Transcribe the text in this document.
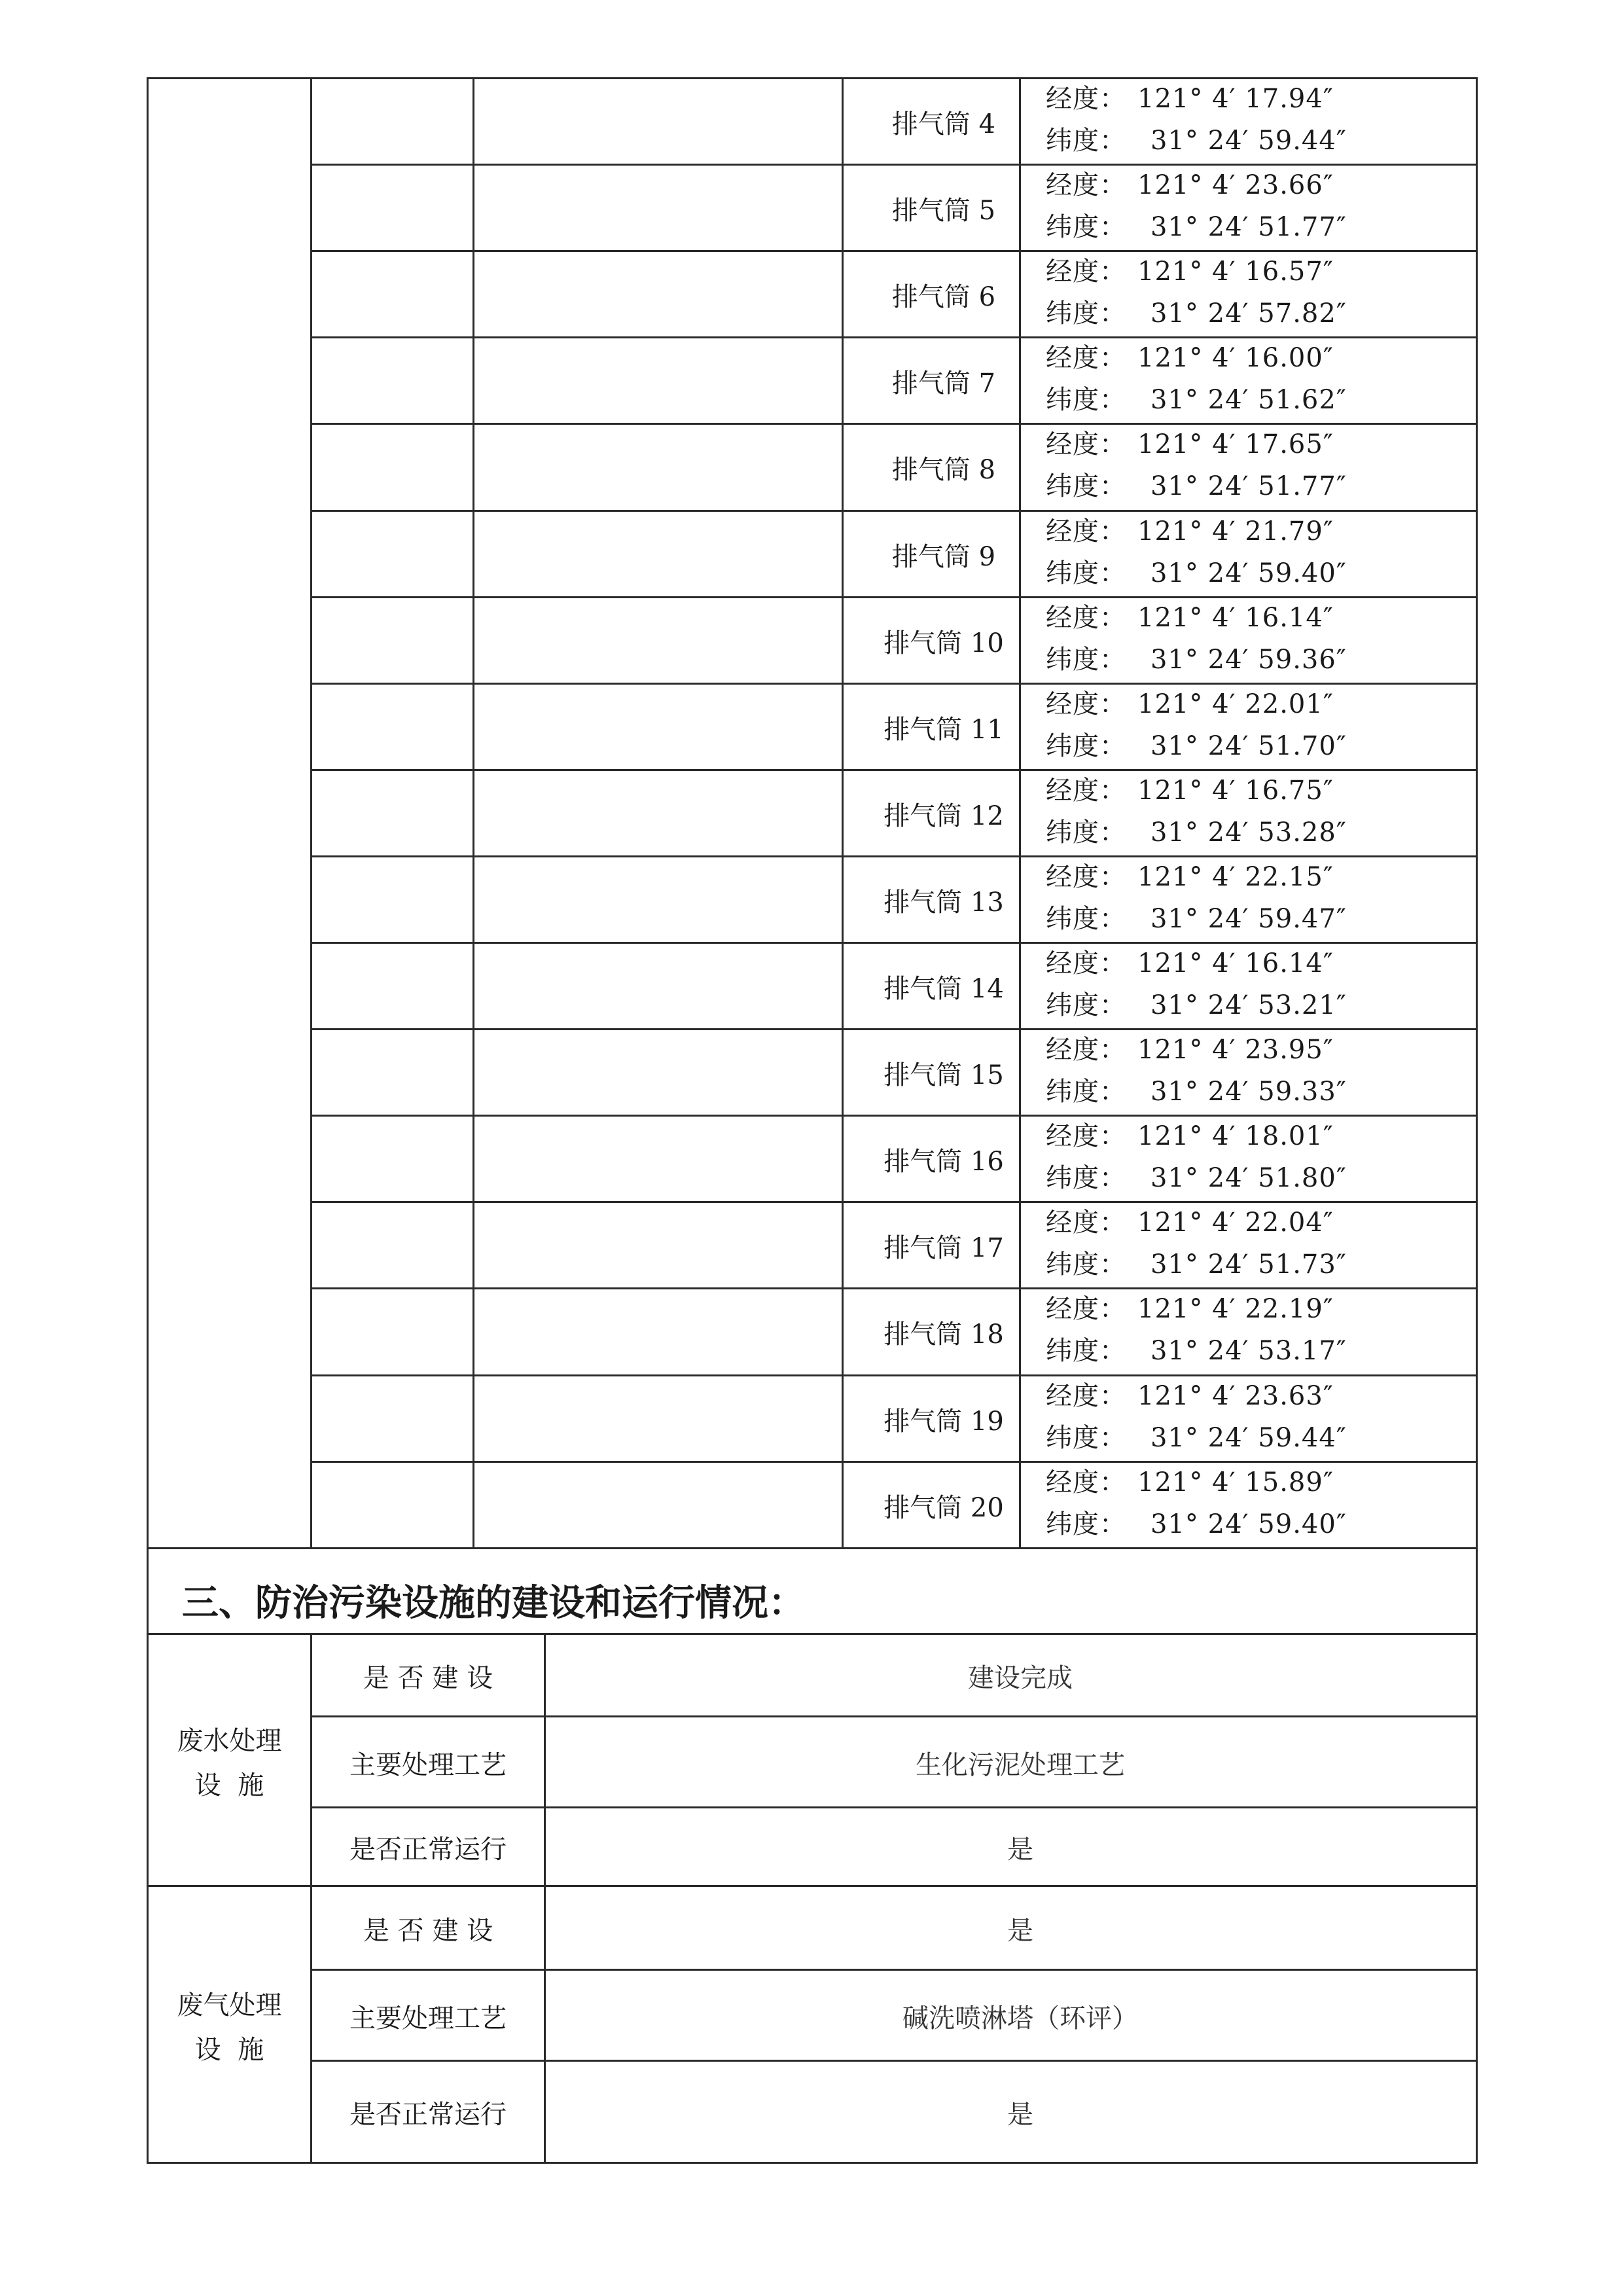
排气筒 4
经度： 121° 4′ 17.94″
纬度： 31° 24′ 59.44″
排气筒 5
经度： 121° 4′ 23.66″
纬度： 31° 24′ 51.77″
排气筒 6
经度： 121° 4′ 16.57″
纬度： 31° 24′ 57.82″
排气筒 7
经度： 121° 4′ 16.00″
纬度： 31° 24′ 51.62″
排气筒 8
经度： 121° 4′ 17.65″
纬度： 31° 24′ 51.77″
排气筒 9
经度： 121° 4′ 21.79″
纬度： 31° 24′ 59.40″
排气筒 10
经度： 121° 4′ 16.14″
纬度： 31° 24′ 59.36″
排气筒 11
经度： 121° 4′ 22.01″
纬度： 31° 24′ 51.70″
排气筒 12
经度： 121° 4′ 16.75″
纬度： 31° 24′ 53.28″
排气筒 13
经度： 121° 4′ 22.15″
纬度： 31° 24′ 59.47″
排气筒 14
经度： 121° 4′ 16.14″
纬度： 31° 24′ 53.21″
排气筒 15
经度： 121° 4′ 23.95″
纬度： 31° 24′ 59.33″
排气筒 16
经度： 121° 4′ 18.01″
纬度： 31° 24′ 51.80″
排气筒 17
经度： 121° 4′ 22.04″
纬度： 31° 24′ 51.73″
排气筒 18
经度： 121° 4′ 22.19″
纬度： 31° 24′ 53.17″
排气筒 19
经度： 121° 4′ 23.63″
纬度： 31° 24′ 59.44″
排气筒 20
经度： 121° 4′ 15.89″
纬度： 31° 24′ 59.40″
三、防治污染设施的建设和运行情况：
废水处理
设  施
是 否 建 设	建设完成
主要处理工艺	生化污泥处理工艺
是否正常运行	是
废气处理
设  施
是 否 建 设	是
主要处理工艺	碱洗喷淋塔（环评）
是否正常运行	是
